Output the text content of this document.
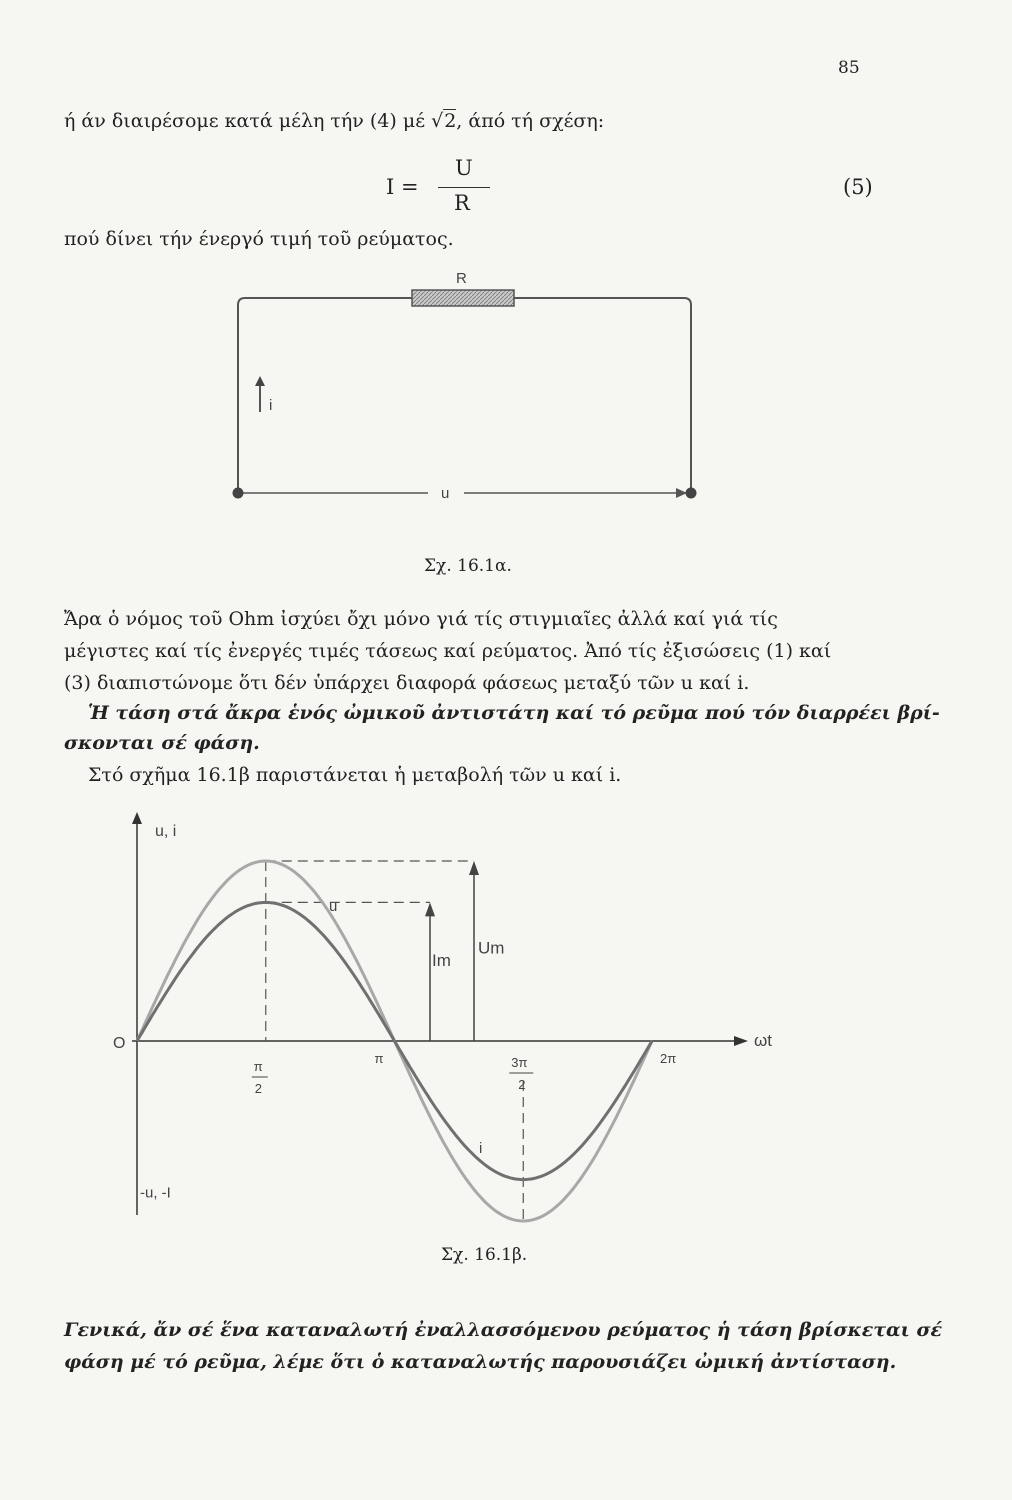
85
ή άν διαιρέσομε κατά μέλη τήν (4) μέ √2, άπό τή σχέση:
I =
U
R
(5)
πού δίνει τήν ένεργό τιμή τοῦ ρεύματος.
R
i
u
Σχ. 16.1α.
Ἄρα ὁ νόμος τοῦ Ohm ἰσχύει ὄχι μόνο γιά τίς στιγμιαῖες ἀλλά καί γιά τίς
μέγιστες καί τίς ἐνεργές τιμές τάσεως καί ρεύματος. Ἀπό τίς ἐξισώσεις (1) καί
(3) διαπιστώνομε ὅτι δέν ὑπάρχει διαφορά φάσεως μεταξύ τῶν u καί i.
Ἡ τάση στά ἄκρα ἑνός ὠμικοῦ ἀντιστάτη καί τό ρεῦμα πού τόν διαρρέει βρί-
σκονται σέ φάση.
Στό σχῆμα 16.1β παριστάνεται ἡ μεταβολή τῶν u καί i.
u, i
ωt
O
π
2
π	3π
2
2π
u
i
Im
Um
-u, -I
Σχ. 16.1β.
Γενικά, ἄν σέ ἕνα καταναλωτή ἐναλλασσόμενου ρεύματος ἡ τάση βρίσκεται σέ
φάση μέ τό ρεῦμα, λέμε ὅτι ὁ καταναλωτής παρουσιάζει ὠμική ἀντίσταση.
